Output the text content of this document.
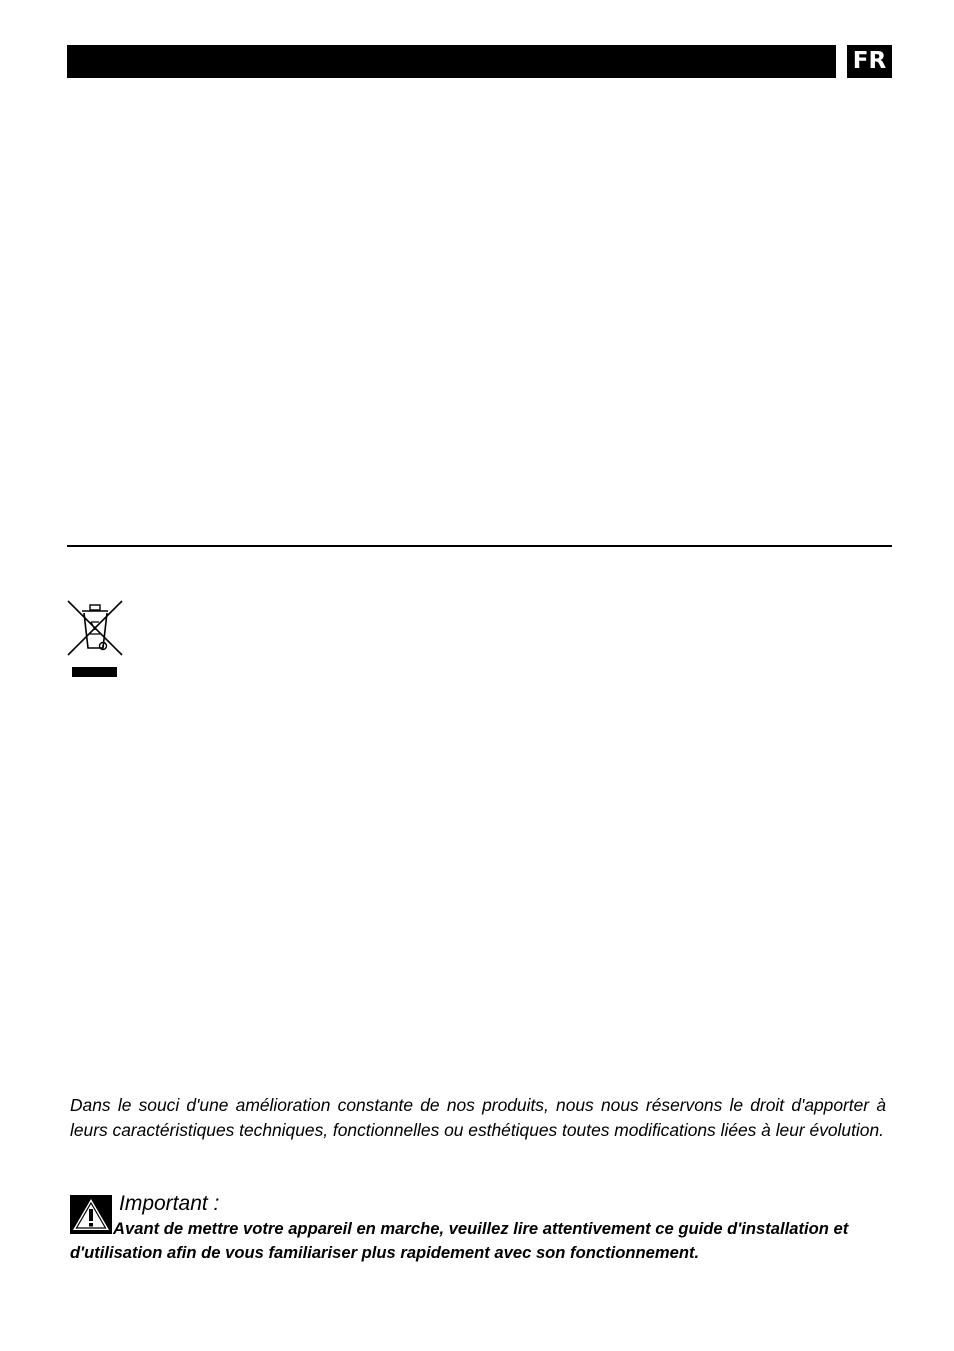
FR

Dans le souci d'une amélioration constante de nos produits, nous nous réservons le droit d'apporter à leurs caractéristiques techniques, fonctionnelles ou esthétiques toutes modifications liées à leur évolution.

Important :

Avant de mettre votre appareil en marche, veuillez lire attentivement ce guide d'installation et d'utilisation afin de vous familiariser plus rapidement avec son fonctionnement.
